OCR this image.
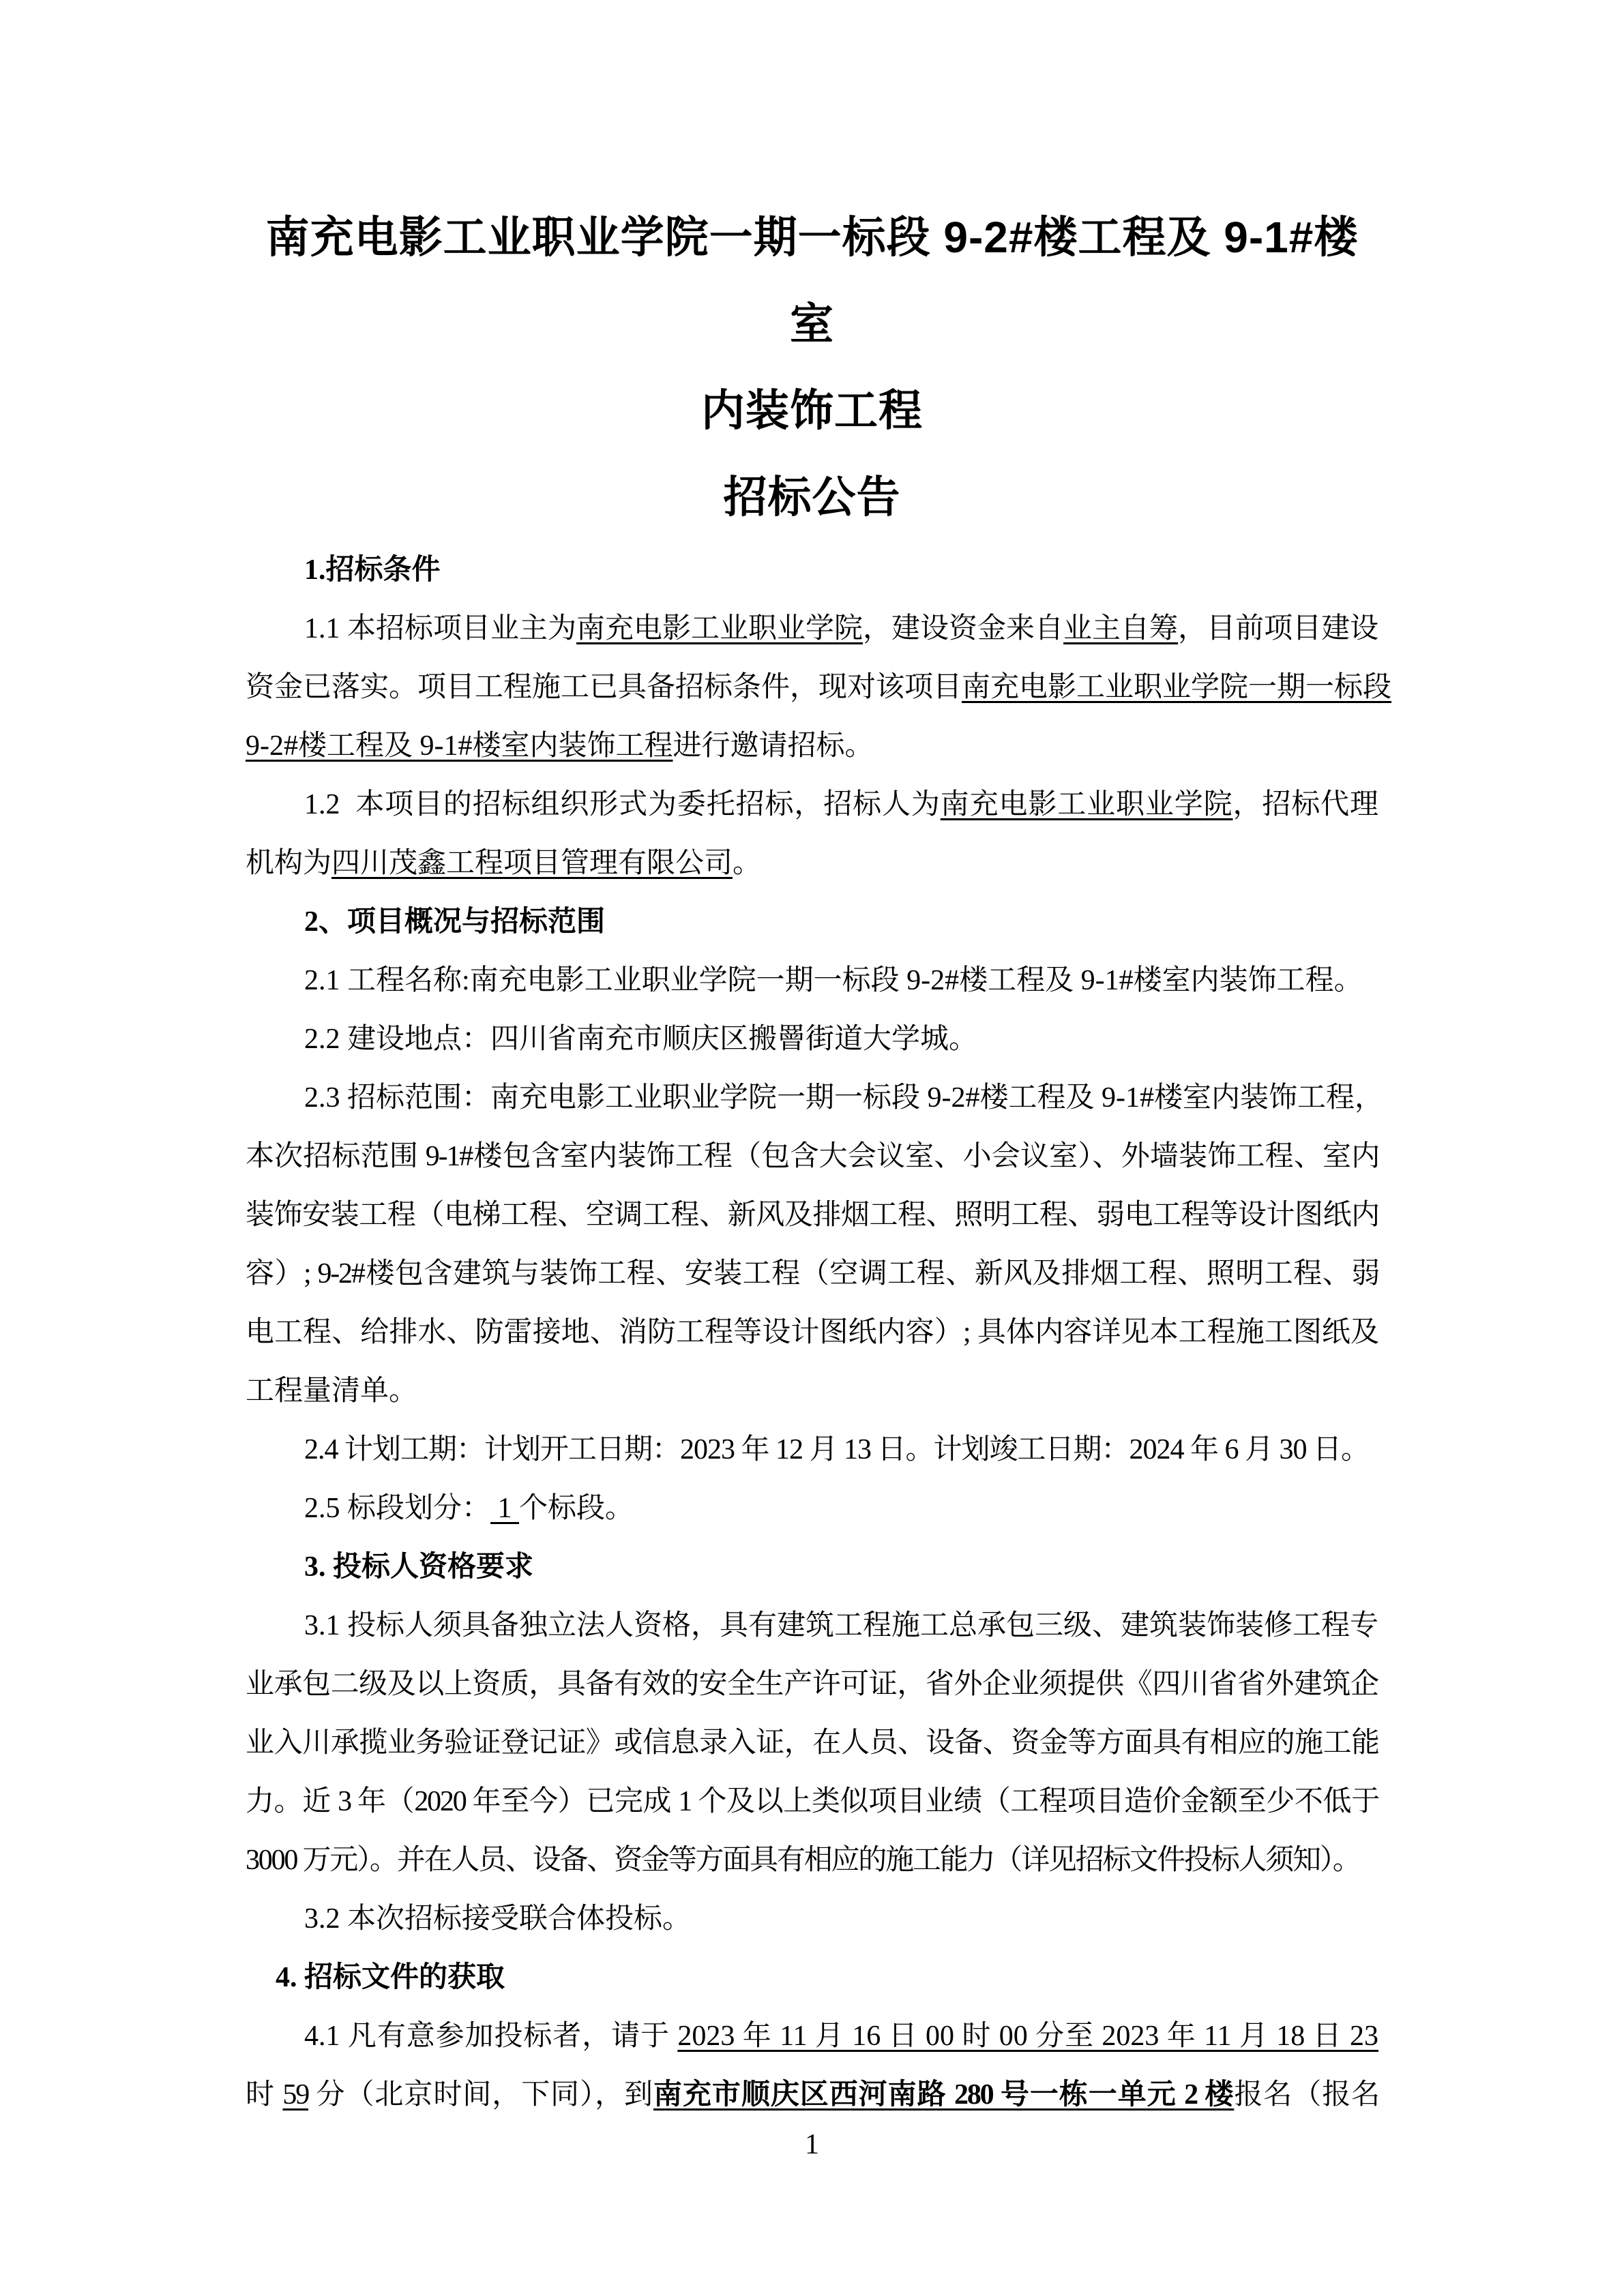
南充电影工业职业学院一期一标段 9-2#楼工程及 9-1#楼室
内装饰工程
招标公告
1.招标条件
1.1 本招标项目业主为南充电影工业职业学院，建设资金来自业主自筹，目前项目建设
资金已落实。项目工程施工已具备招标条件，现对该项目南充电影工业职业学院一期一标段
9-2#楼工程及 9-1#楼室内装饰工程进行邀请招标。
1.2  本项目的招标组织形式为委托招标，招标人为南充电影工业职业学院，招标代理
机构为四川茂鑫工程项目管理有限公司。
2、项目概况与招标范围
2.1 工程名称:南充电影工业职业学院一期一标段 9-2#楼工程及 9-1#楼室内装饰工程。
2.2 建设地点：四川省南充市顺庆区搬罾街道大学城。
2.3 招标范围：南充电影工业职业学院一期一标段 9-2#楼工程及 9-1#楼室内装饰工程，
本次招标范围 9-1#楼包含室内装饰工程（包含大会议室、小会议室）、外墙装饰工程、室内
装饰安装工程（电梯工程、空调工程、新风及排烟工程、照明工程、弱电工程等设计图纸内
容）; 9-2#楼包含建筑与装饰工程、安装工程（空调工程、新风及排烟工程、照明工程、弱
电工程、给排水、防雷接地、消防工程等设计图纸内容）; 具体内容详见本工程施工图纸及
工程量清单。
2.4 计划工期：计划开工日期：2023 年 12 月 13 日。计划竣工日期：2024 年 6 月 30 日。
2.5 标段划分： 1 个标段。
3. 投标人资格要求
3.1 投标人须具备独立法人资格，具有建筑工程施工总承包三级、建筑装饰装修工程专
业承包二级及以上资质，具备有效的安全生产许可证，省外企业须提供《四川省省外建筑企
业入川承揽业务验证登记证》或信息录入证，在人员、设备、资金等方面具有相应的施工能
力。近 3 年（2020 年至今）已完成 1 个及以上类似项目业绩（工程项目造价金额至少不低于
3000 万元）。并在人员、设备、资金等方面具有相应的施工能力（详见招标文件投标人须知）。
3.2 本次招标接受联合体投标。
4. 招标文件的获取
4.1 凡有意参加投标者，请于 2023 年 11 月 16 日 00 时 00 分至 2023 年 11 月 18 日 23
时 59 分（北京时间，下同），到南充市顺庆区西河南路 280 号一栋一单元 2 楼报名（报名
1
